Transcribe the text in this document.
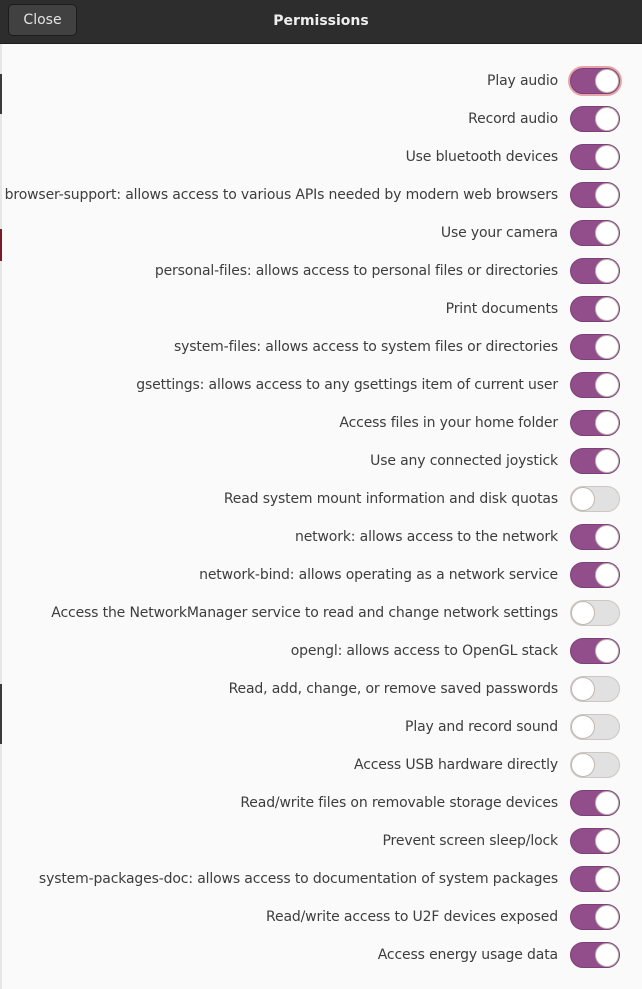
Close	Permissions
Play audio
Record audio
Use bluetooth devices
browser-support: allows access to various APIs needed by modern web browsers
Use your camera
personal-files: allows access to personal files or directories
Print documents
system-files: allows access to system files or directories
gsettings: allows access to any gsettings item of current user
Access files in your home folder
Use any connected joystick
Read system mount information and disk quotas
network: allows access to the network
network-bind: allows operating as a network service
Access the NetworkManager service to read and change network settings
opengl: allows access to OpenGL stack
Read, add, change, or remove saved passwords
Play and record sound
Access USB hardware directly
Read/write files on removable storage devices
Prevent screen sleep/lock
system-packages-doc: allows access to documentation of system packages
Read/write access to U2F devices exposed
Access energy usage data
